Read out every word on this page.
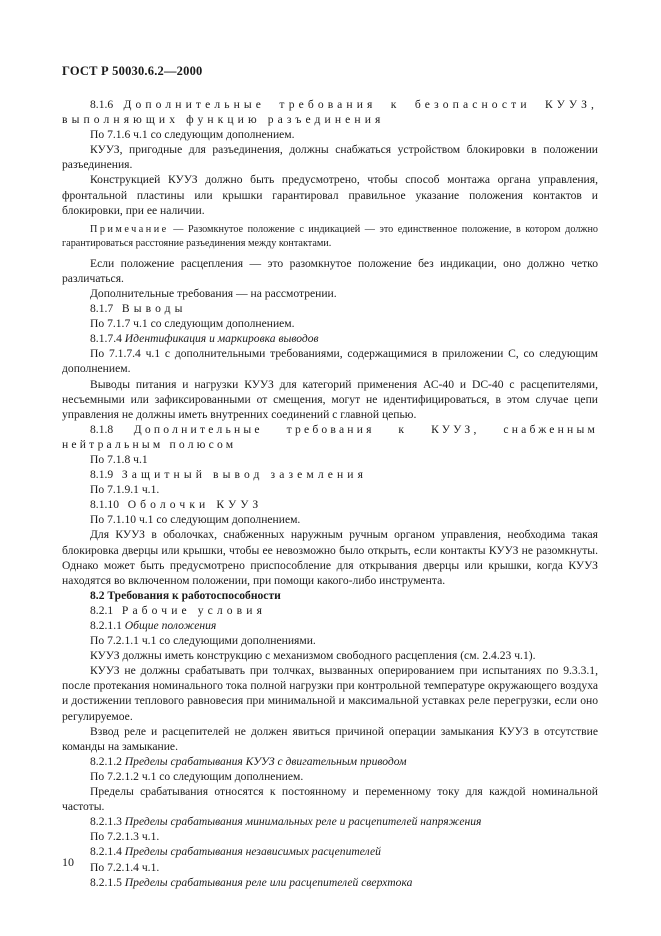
ГОСТ Р 50030.6.2—2000

8.1.6 Дополнительные требования к безопасности КУУЗ, выполняющих функцию разъединения

По 7.1.6 ч.1 со следующим дополнением.

КУУЗ, пригодные для разъединения, должны снабжаться устройством блокировки в положении разъединения.

Конструкцией КУУЗ должно быть предусмотрено, чтобы способ монтажа органа управления, фронтальной пластины или крышки гарантировал правильное указание положения контактов и блокировки, при ее наличии.

Примечание — Разомкнутое положение с индикацией — это единственное положение, в котором должно гарантироваться расстояние разъединения между контактами.

Если положение расцепления — это разомкнутое положение без индикации, оно должно четко различаться.

Дополнительные требования — на рассмотрении.

8.1.7 Выводы

По 7.1.7 ч.1 со следующим дополнением.

8.1.7.4 Идентификация и маркировка выводов

По 7.1.7.4 ч.1 с дополнительными требованиями, содержащимися в приложении С, со следующим дополнением.

Выводы питания и нагрузки КУУЗ для категорий применения АС-40 и DC-40 с расцепителями, несъемными или зафиксированными от смещения, могут не идентифицироваться, в этом случае цепи управления не должны иметь внутренних соединений с главной цепью.

8.1.8 Дополнительные требования к КУУЗ, снабженным нейтральным полюсом

По 7.1.8 ч.1

8.1.9 Защитный вывод заземления

По 7.1.9.1 ч.1.

8.1.10 Оболочки КУУЗ

По 7.1.10 ч.1 со следующим дополнением.

Для КУУЗ в оболочках, снабженных наружным ручным органом управления, необходима такая блокировка дверцы или крышки, чтобы ее невозможно было открыть, если контакты КУУЗ не разомкнуты. Однако может быть предусмотрено приспособление для открывания дверцы или крышки, когда КУУЗ находятся во включенном положении, при помощи какого-либо инструмента.

8.2 Требования к работоспособности

8.2.1 Рабочие условия

8.2.1.1 Общие положения

По 7.2.1.1 ч.1 со следующими дополнениями.

КУУЗ должны иметь конструкцию с механизмом свободного расцепления (см. 2.4.23 ч.1).

КУУЗ не должны срабатывать при толчках, вызванных оперированием при испытаниях по 9.3.3.1, после протекания номинального тока полной нагрузки при контрольной температуре окружающего воздуха и достижении теплового равновесия при минимальной и максимальной уставках реле перегрузки, если оно регулируемое.

Взвод реле и расцепителей не должен явиться причиной операции замыкания КУУЗ в отсутствие команды на замыкание.

8.2.1.2 Пределы срабатывания КУУЗ с двигательным приводом

По 7.2.1.2 ч.1 со следующим дополнением.

Пределы срабатывания относятся к постоянному и переменному току для каждой номинальной частоты.

8.2.1.3 Пределы срабатывания минимальных реле и расцепителей напряжения

По 7.2.1.3 ч.1.

8.2.1.4 Пределы срабатывания независимых расцепителей

По 7.2.1.4 ч.1.

8.2.1.5 Пределы срабатывания реле или расцепителей сверхтока

10
